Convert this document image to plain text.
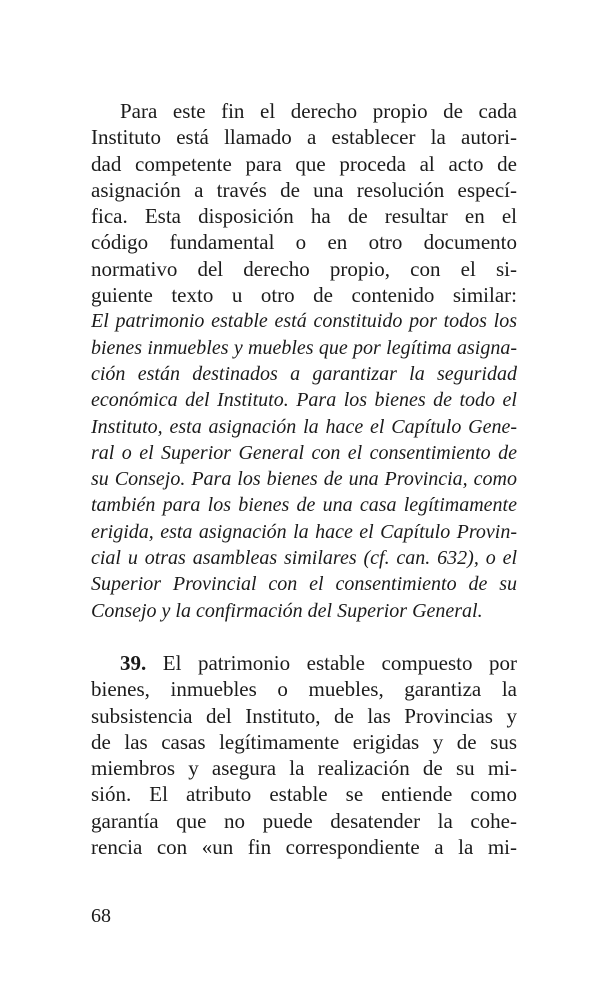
Para este fin el derecho propio de cada
Instituto está llamado a establecer la autori-
dad competente para que proceda al acto de
asignación a través de una resolución especí-
fica. Esta disposición ha de resultar en el
código fundamental o en otro documento
normativo del derecho propio, con el si-
guiente texto u otro de contenido similar:
El patrimonio estable está constituido por todos los
bienes inmuebles y muebles que por legítima asigna-
ción están destinados a garantizar la seguridad
económica del Instituto. Para los bienes de todo el
Instituto, esta asignación la hace el Capítulo Gene-
ral o el Superior General con el consentimiento de
su Consejo. Para los bienes de una Provincia, como
también para los bienes de una casa legítimamente
erigida, esta asignación la hace el Capítulo Provin-
cial u otras asambleas similares (cf. can. 632), o el
Superior Provincial con el consentimiento de su
Consejo y la confirmación del Superior General.
39. El patrimonio estable compuesto por
bienes, inmuebles o muebles, garantiza la
subsistencia del Instituto, de las Provincias y
de las casas legítimamente erigidas y de sus
miembros y asegura la realización de su mi-
sión. El atributo estable se entiende como
garantía que no puede desatender la cohe-
rencia con «un fin correspondiente a la mi-
68
